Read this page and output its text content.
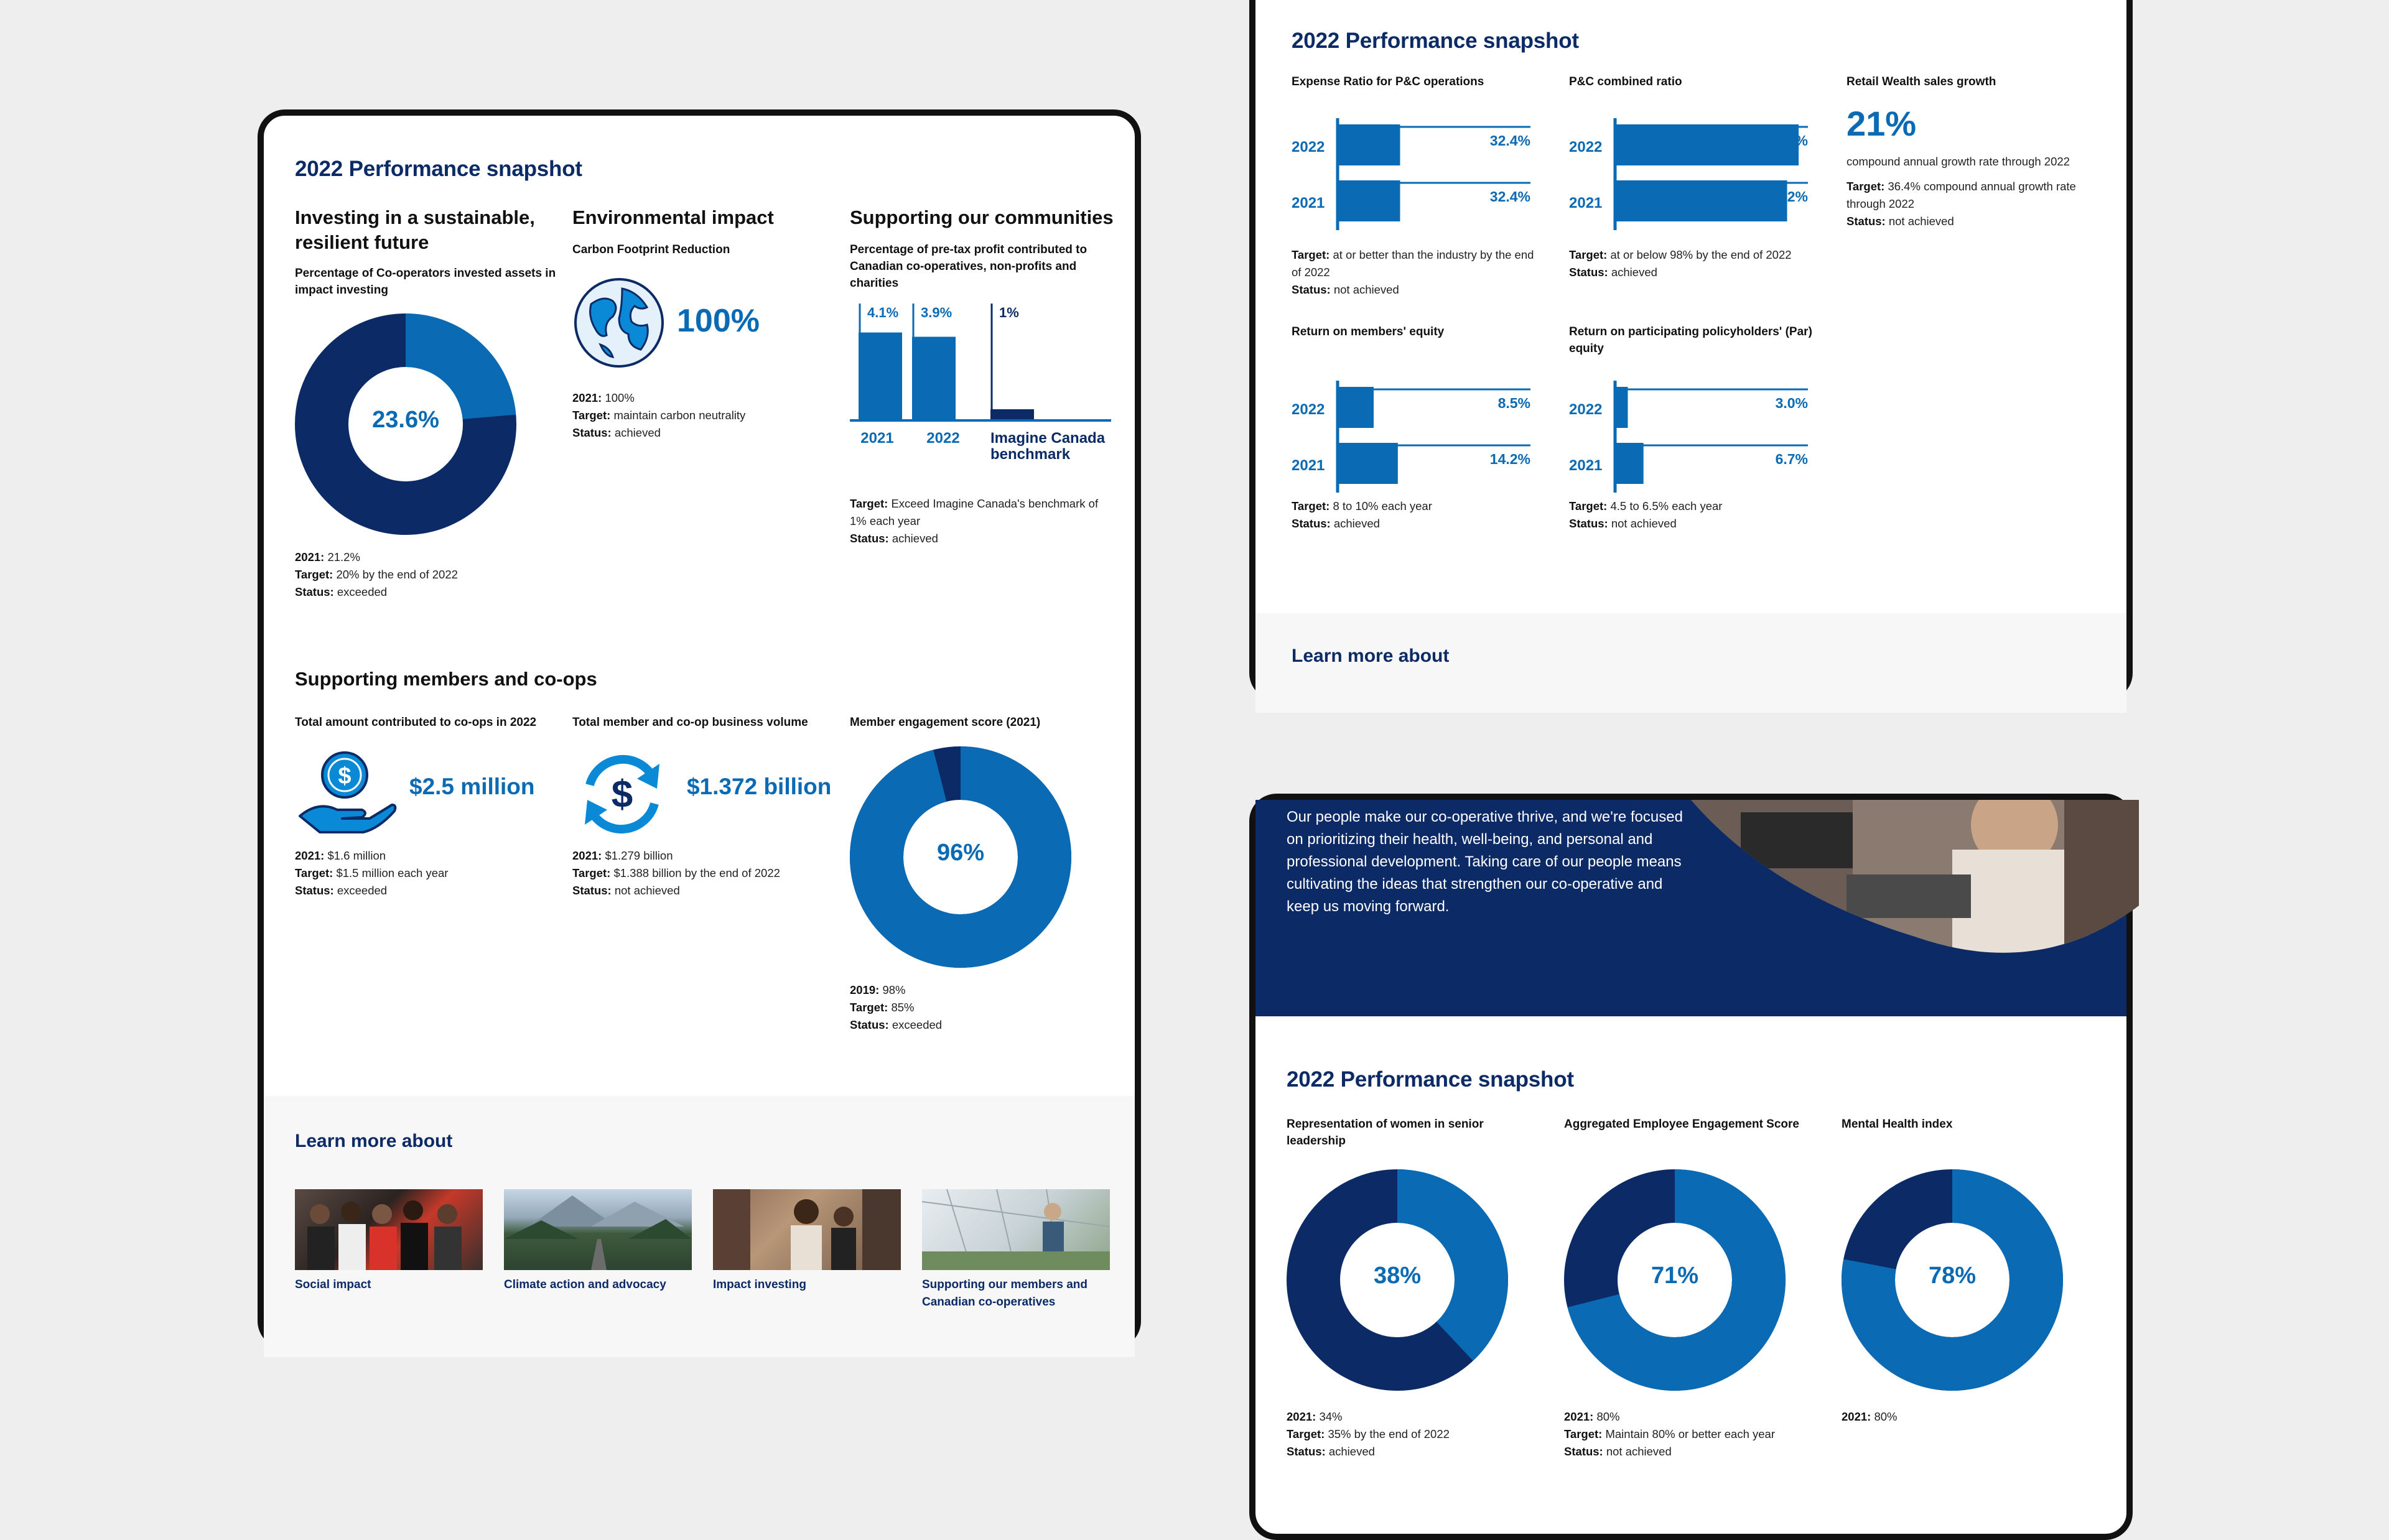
2022 Performance snapshot
Investing in a sustainable, resilient future
Percentage of Co-operators invested assets in impact investing
23.6%
2021: 21.2%
Target: 20% by the end of 2022
Status: exceeded
Environmental impact
Carbon Footprint Reduction
100%
2021: 100%
Target: maintain carbon neutrality
Status: achieved
Supporting our communities
Percentage of pre-tax profit contributed to Canadian co-operatives, non-profits and charities
4.1% 3.9%	1%
2021 2022 Imagine Canada
benchmark
Target: Exceed Imagine Canada's benchmark of 1% each year
Status: achieved
Supporting members and co-ops
Total amount contributed to co-ops in 2022
$	$2.5 million
2021: $1.6 million
Target: $1.5 million each year
Status: exceeded
Total member and co-op business volume
$ $1.372 billion
2021: $1.279 billion
Target: $1.388 billion by the end of 2022
Status: not achieved
Member engagement score (2021)
96%
2019: 98%
Target: 85%
Status: exceeded
Learn more about
Social impact	Climate action and advocacy	Impact investing	Supporting our members and Canadian co-operatives
2022 Performance snapshot
Expense Ratio for P&C operations	P&C combined ratio	Retail Wealth sales growth
2022	32.4%
2021	32.4%
2022	95.2%
2021	89.2%
Target: at or better than the industry by the end of 2022
Status: not achieved
Target: at or below 98% by the end of 2022
Status: achieved
21%
compound annual growth rate through 2022
Target: 36.4% compound annual growth rate through 2022
Status: not achieved
Return on members' equity	Return on participating policyholders' (Par) equity
2022	8.5%
2021	14.2%
2022	3.0%
2021	6.7%
Target: 8 to 10% each year
Status: achieved
Target: 4.5 to 6.5% each year
Status: not achieved
Learn more about
Our people make our co-operative thrive, and we're focused on prioritizing their health, well-being, and personal and professional development. Taking care of our people means cultivating the ideas that strengthen our co-operative and keep us moving forward.
2022 Performance snapshot
Representation of women in senior leadership
Aggregated Employee Engagement Score	Mental Health index
38%	71%	78%
2021: 34%
Target: 35% by the end of 2022
Status: achieved
2021: 80%
Target: Maintain 80% or better each year
Status: not achieved
2021: 80%
